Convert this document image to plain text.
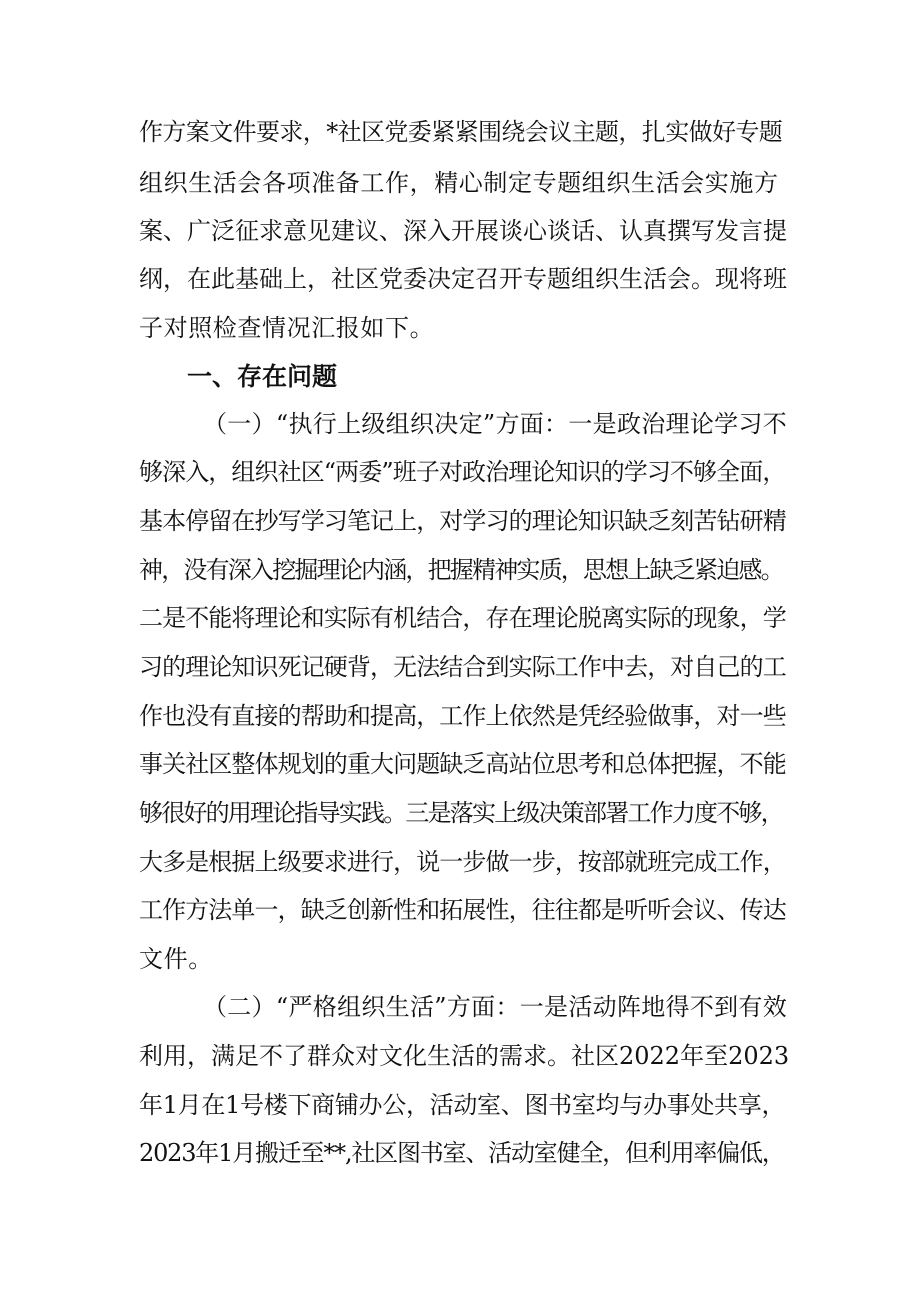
作方案文件要求，*社区党委紧紧围绕会议主题，扎实做好专题
组织生活会各项准备工作，精心制定专题组织生活会实施方
案、广泛征求意见建议、深入开展谈心谈话、认真撰写发言提
纲，在此基础上，社区党委决定召开专题组织生活会。现将班
子对照检查情况汇报如下。
一、存在问题
（一）“执行上级组织决定”方面：一是政治理论学习不
够深入，组织社区“两委”班子对政治理论知识的学习不够全面，
基本停留在抄写学习笔记上，对学习的理论知识缺乏刻苦钻研精
神，没有深入挖掘理论内涵，把握精神实质，思想上缺乏紧迫感。
二是不能将理论和实际有机结合，存在理论脱离实际的现象，学
习的理论知识死记硬背，无法结合到实际工作中去，对自己的工
作也没有直接的帮助和提高，工作上依然是凭经验做事，对一些
事关社区整体规划的重大问题缺乏高站位思考和总体把握，不能
够很好的用理论指导实践。三是落实上级决策部署工作力度不够，
大多是根据上级要求进行，说一步做一步，按部就班完成工作，
工作方法单一，缺乏创新性和拓展性，往往都是听听会议、传达
文件。
（二）“严格组织生活”方面：一是活动阵地得不到有效
利用，满足不了群众对文化生活的需求。社区2022年至2023
年1月在1号楼下商铺办公，活动室、图书室均与办事处共享，
2023年1月搬迁至**,社区图书室、活动室健全，但利用率偏低，
